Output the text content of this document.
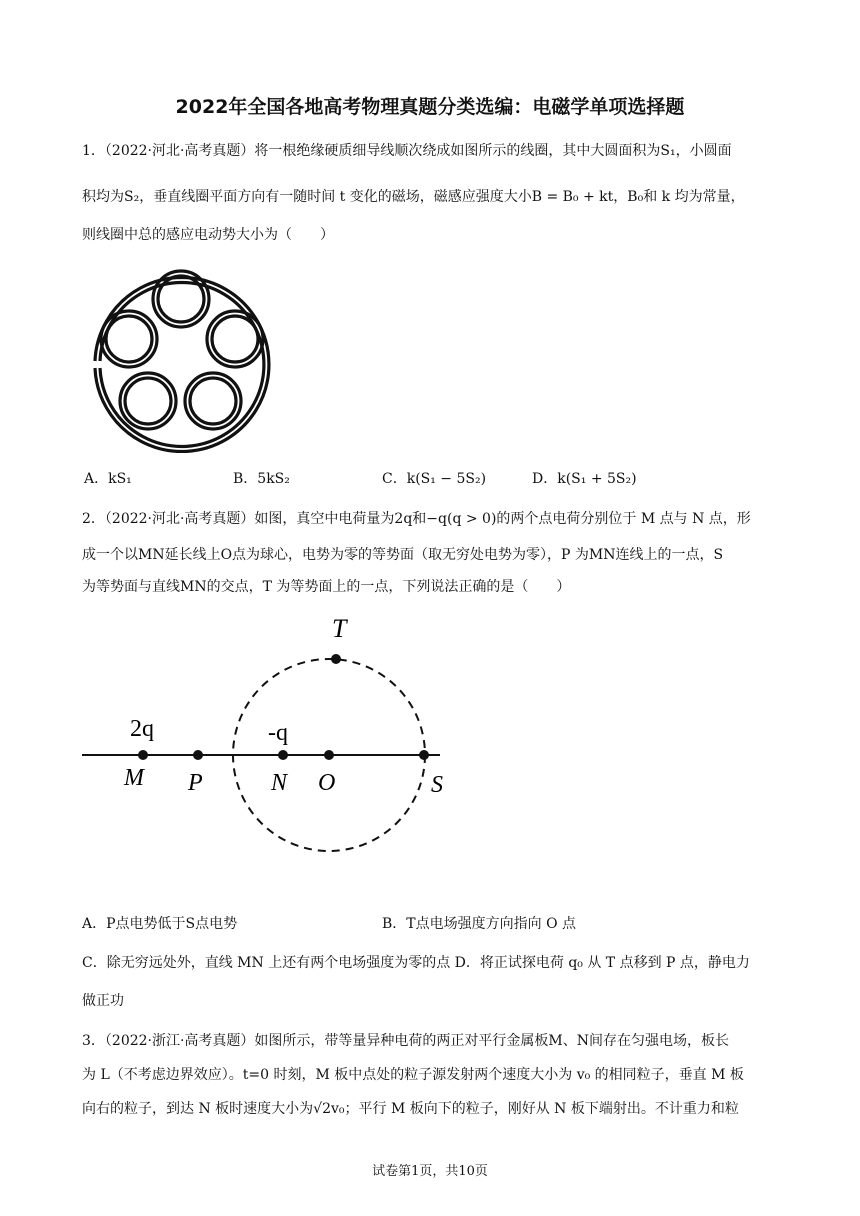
2022年全国各地高考物理真题分类选编：电磁学单项选择题
1．（2022·河北·高考真题）将一根绝缘硬质细导线顺次绕成如图所示的线圈，其中大圆面积为S₁，小圆面
积均为S₂，垂直线圈平面方向有一随时间 t 变化的磁场，磁感应强度大小B = B₀ + kt，B₀和 k 均为常量，
则线圈中总的感应电动势大小为（　　）
A．kS₁	B．5kS₂	C．k(S₁ − 5S₂)	D．k(S₁ + 5S₂)
2．（2022·河北·高考真题）如图，真空中电荷量为2q和−q(q > 0)的两个点电荷分别位于 M 点与 N 点，形
成一个以MN延长线上O点为球心，电势为零的等势面（取无穷处电势为零），P 为MN连线上的一点，S
为等势面与直线MN的交点，T 为等势面上的一点，下列说法正确的是（　　）
T
2q	-q
M P	N O	S
A．P点电势低于S点电势	B．T点电场强度方向指向 O 点
C．除无穷远处外，直线 MN 上还有两个电场强度为零的点 D．将正试探电荷 q₀ 从 T 点移到 P 点，静电力
做正功
3．（2022·浙江·高考真题）如图所示，带等量异种电荷的两正对平行金属板M、N间存在匀强电场，板长
为 L（不考虑边界效应）。t=0 时刻，M 板中点处的粒子源发射两个速度大小为 v₀ 的相同粒子，垂直 M 板
向右的粒子，到达 N 板时速度大小为√2v₀；平行 M 板向下的粒子，刚好从 N 板下端射出。不计重力和粒
试卷第1页，共10页
